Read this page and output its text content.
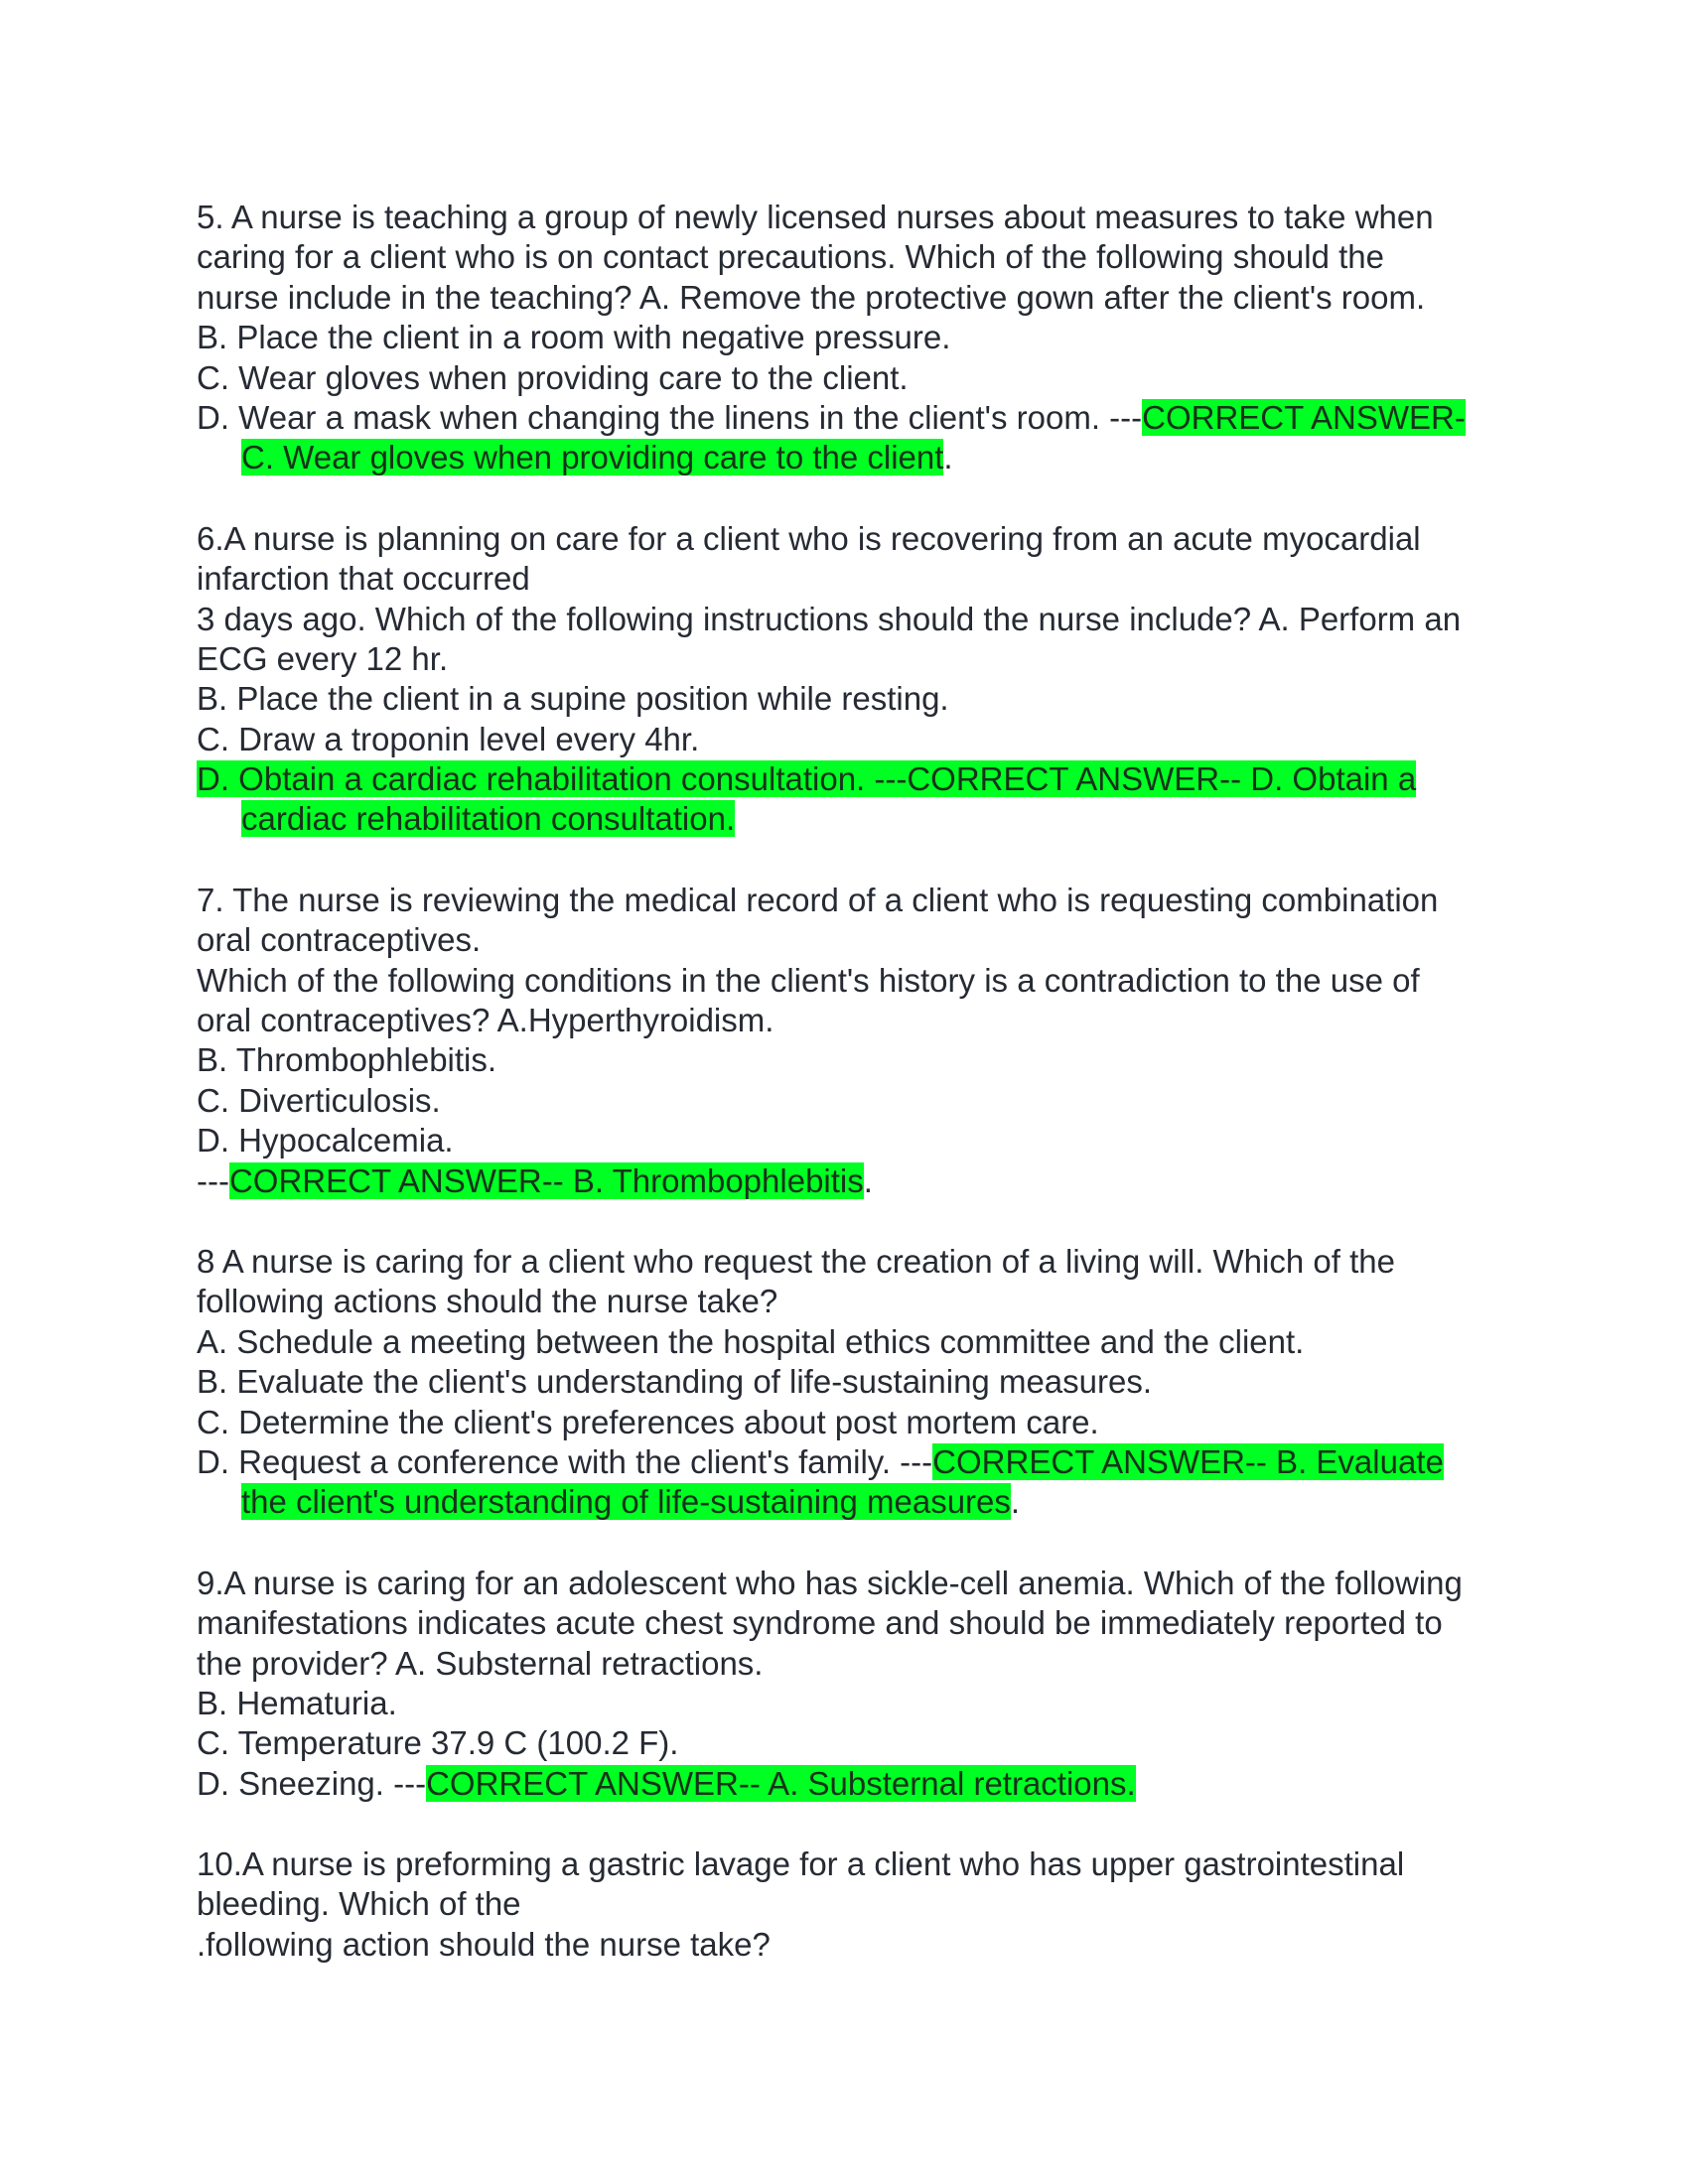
5. A nurse is teaching a group of newly licensed nurses about measures to take when
caring for a client who is on contact precautions. Which of the following should the
nurse include in the teaching? A. Remove the protective gown after the client's room.
B. Place the client in a room with negative pressure.
C. Wear gloves when providing care to the client.
D. Wear a mask when changing the linens in the client's room. ---CORRECT ANSWER-
C. Wear gloves when providing care to the client.
6.A nurse is planning on care for a client who is recovering from an acute myocardial
infarction that occurred
3 days ago. Which of the following instructions should the nurse include? A. Perform an
ECG every 12 hr.
B. Place the client in a supine position while resting.
C. Draw a troponin level every 4hr.
D. Obtain a cardiac rehabilitation consultation. ---CORRECT ANSWER-- D. Obtain a
cardiac rehabilitation consultation.
7. The nurse is reviewing the medical record of a client who is requesting combination
oral contraceptives.
Which of the following conditions in the client's history is a contradiction to the use of
oral contraceptives? A.Hyperthyroidism.
B. Thrombophlebitis.
C. Diverticulosis.
D. Hypocalcemia.
---CORRECT ANSWER-- B. Thrombophlebitis.
8 A nurse is caring for a client who request the creation of a living will. Which of the
following actions should the nurse take?
A. Schedule a meeting between the hospital ethics committee and the client.
B. Evaluate the client's understanding of life-sustaining measures.
C. Determine the client's preferences about post mortem care.
D. Request a conference with the client's family. ---CORRECT ANSWER-- B. Evaluate
the client's understanding of life-sustaining measures.
9.A nurse is caring for an adolescent who has sickle-cell anemia. Which of the following
manifestations indicates acute chest syndrome and should be immediately reported to
the provider? A. Substernal retractions.
B. Hematuria.
C. Temperature 37.9 C (100.2 F).
D. Sneezing. ---CORRECT ANSWER-- A. Substernal retractions.
10.A nurse is preforming a gastric lavage for a client who has upper gastrointestinal
bleeding. Which of the
.following action should the nurse take?
